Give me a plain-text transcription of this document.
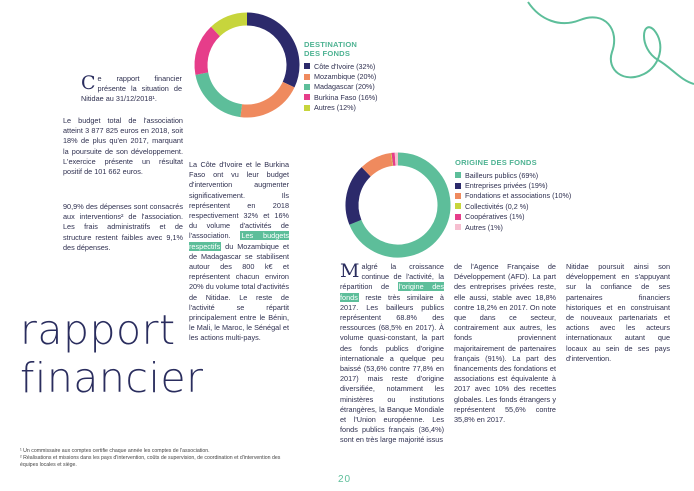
DESTINATION
DES FONDS
Côte d'Ivoire (32%)
Mozambique (20%)
Madagascar (20%)
Burkina Faso (16%)
Autres (12%)
Ce rapport financier présente la situation de Nitidae au 31/12/2018¹.
Le budget total de l'association atteint 3 877 825 euros en 2018, soit 18% de plus qu'en 2017, marquant la poursuite de son développement. L'exercice présente un résultat positif de 101 662 euros.
90,9% des dépenses sont consacrés aux interventions² de l'association. Les frais administratifs et de structure restent faibles avec 9,1% des dépenses.
La Côte d'Ivoire et le Burkina Faso ont vu leur budget d'intervention augmenter significativement. Ils représentent en 2018 respectivement 32% et 16% du volume d'activités de l'association. Les budgets respectifs du Mozambique et de Madagascar se stabilisent autour des 800 k€ et représentent chacun environ 20% du volume total d'activités de Nitidae. Le reste de l'activité se répartit principalement entre le Bénin, le Mali, le Maroc, le Sénégal et les actions multi-pays.
ORIGINE DES FONDS
Bailleurs publics (69%)
Entreprises privées (19%)
Fondations et associations (10%)
Collectivités (0,2 %)
Coopératives (1%)
Autres (1%)
Malgré la croissance continue de l'activité, la répartition de l'origine des fonds reste très similaire à 2017. Les bailleurs publics représentent 68.8% des ressources (68,5% en 2017). À volume quasi-constant, la part des fonds publics d'origine internationale a quelque peu baissé (53,6% contre 77,8% en 2017) mais reste d'origine diversifiée, notamment les ministères ou institutions étrangères, la Banque Mondiale et l'Union européenne. Les fonds publics français (36,4%) sont en très large majorité issus
de l'Agence Française de Développement (AFD). La part des entreprises privées reste, elle aussi, stable avec 18,8% contre 18,2% en 2017. On note que dans ce secteur, contrairement aux autres, les fonds proviennent majoritairement de partenaires français (91%). La part des financements des fondations et associations est équivalente à 2017 avec 10% des recettes globales. Les fonds étrangers y représentent 55,6% contre 35,8% en 2017.
Nitidae poursuit ainsi son développement en s'appuyant sur la confiance de ses partenaires financiers historiques et en construisant de nouveaux partenariats et actions avec les acteurs internationaux autant que locaux au sein de ses pays d'intervention.
rapport
financier
¹ Un commissaire aux comptes certifie chaque année les comptes de l'association.
² Réalisations et missions dans les pays d'intervention, coûts de supervision, de coordination et d'intervention des équipes locales et siège.
20
